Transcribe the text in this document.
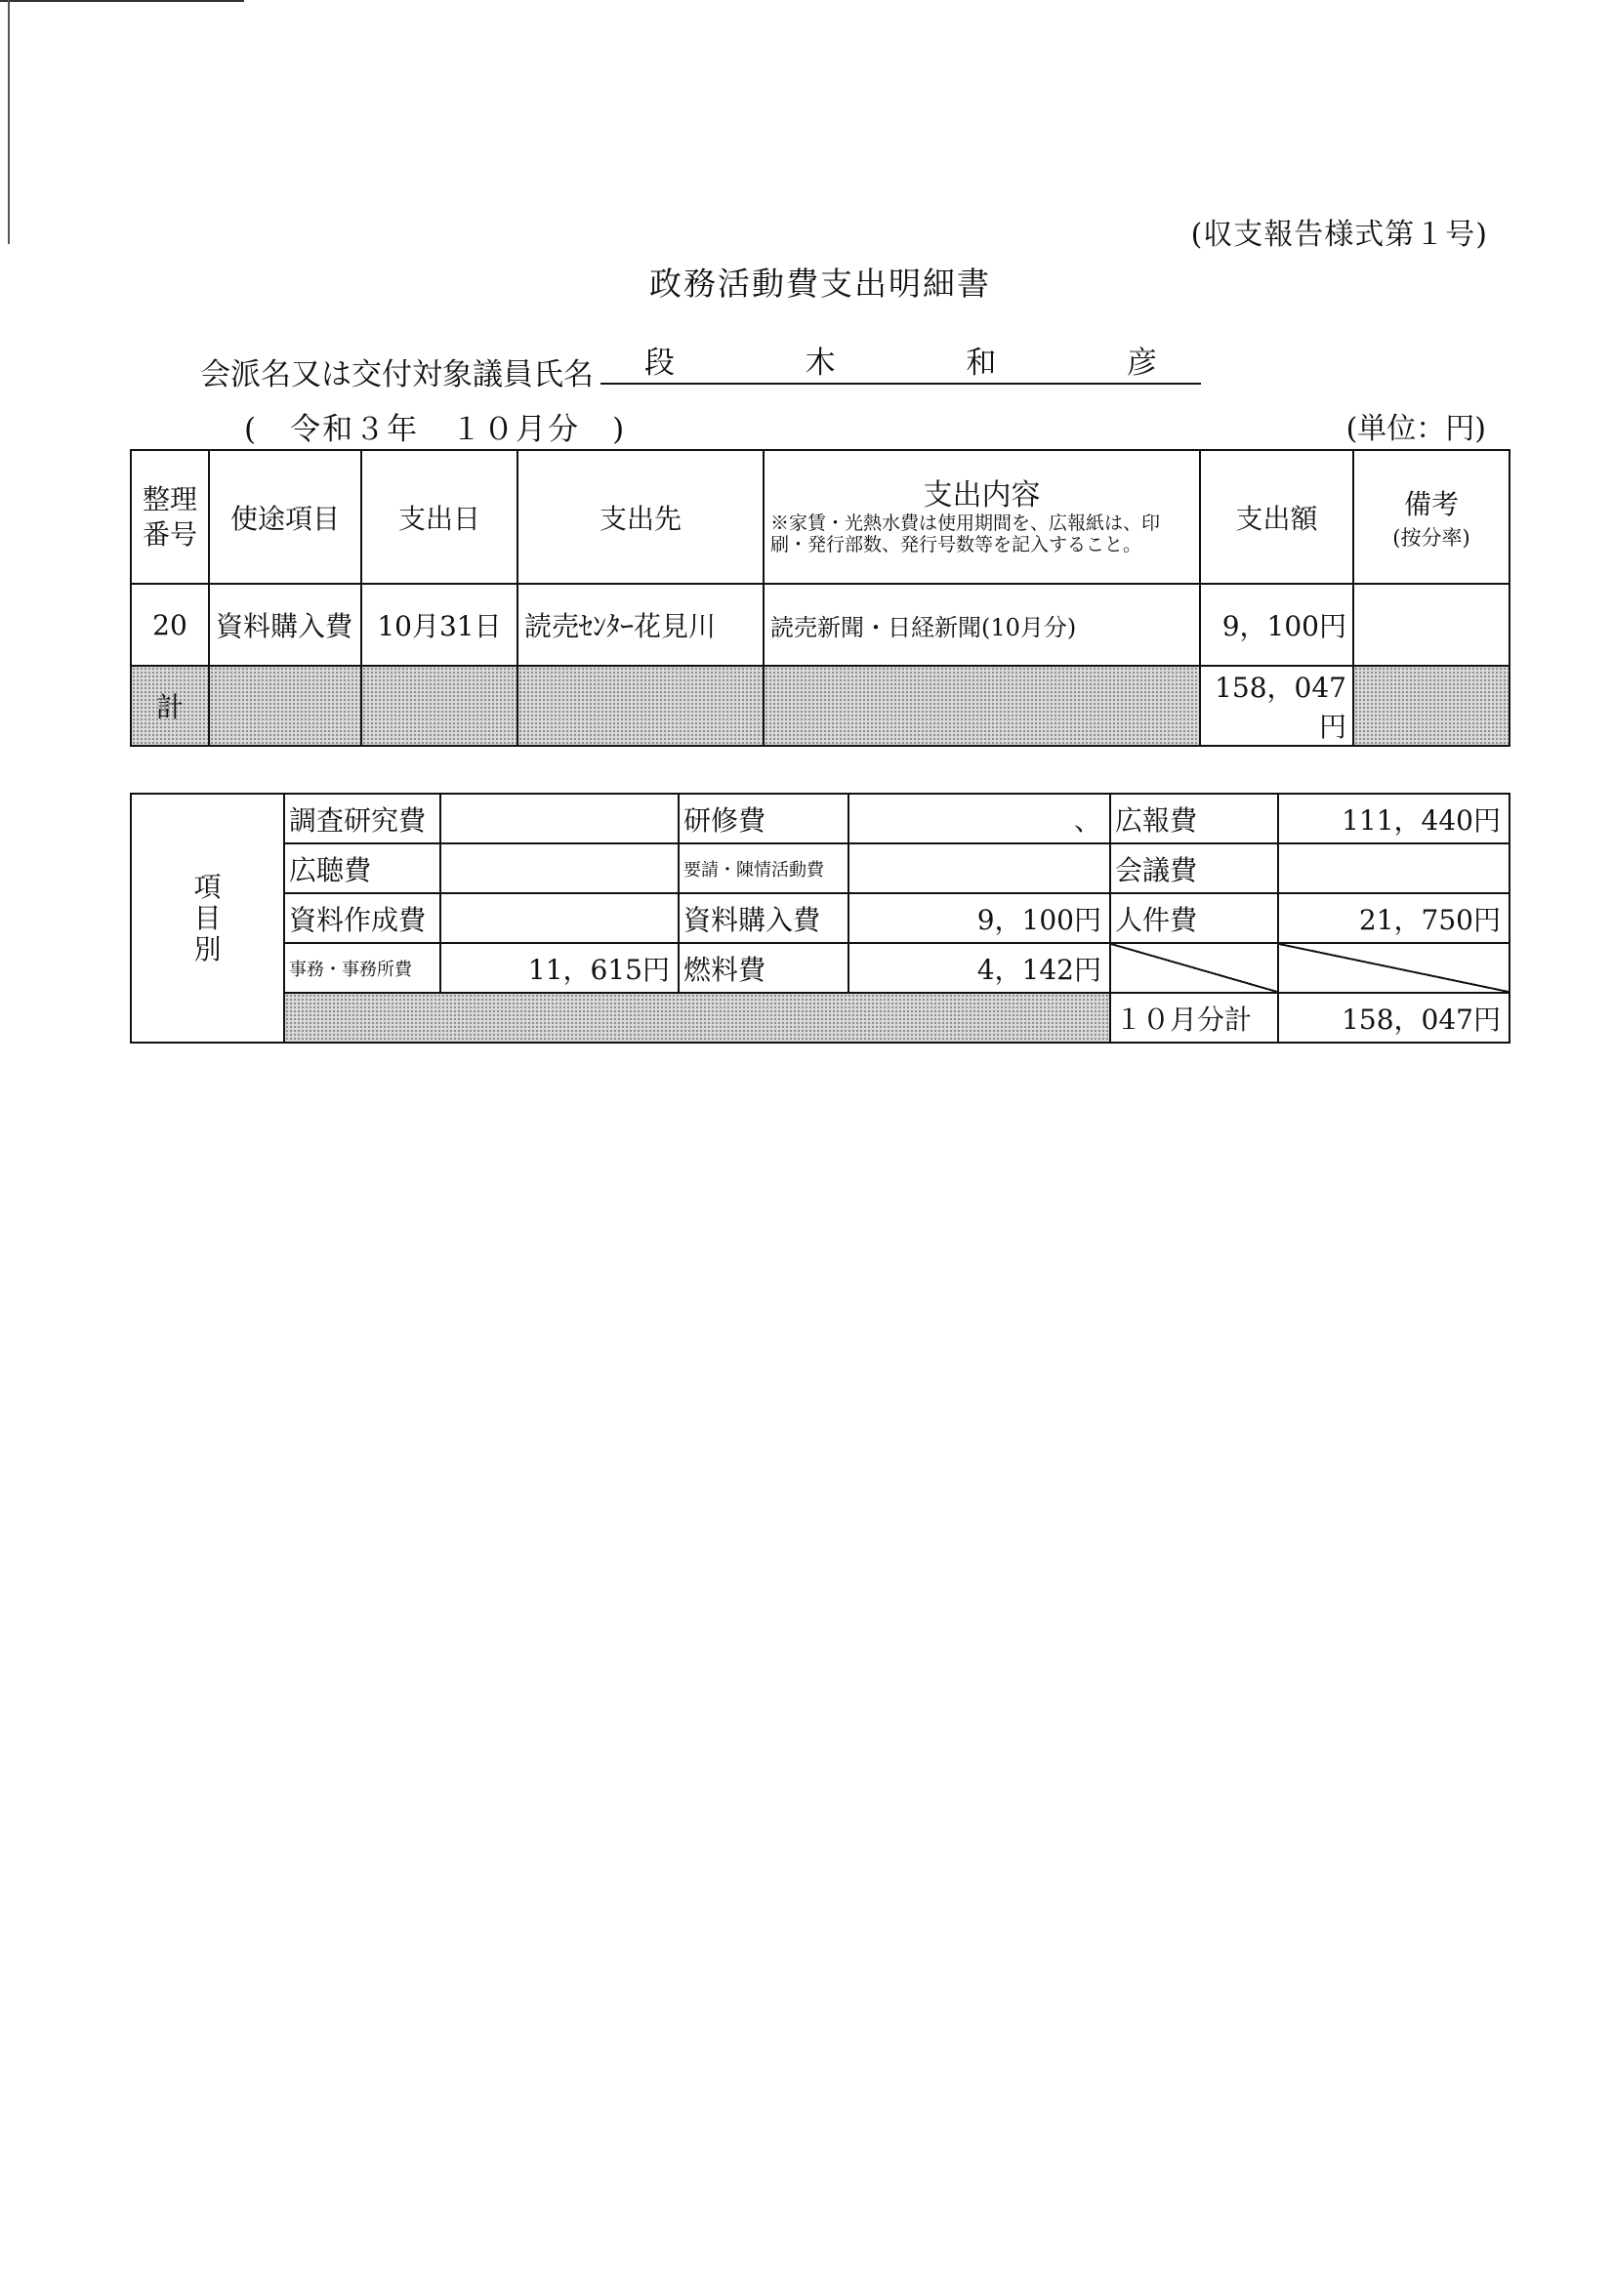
(収支報告様式第１号)
政務活動費支出明細書
会派名又は交付対象議員氏名 段	木	和	彦
(　令和３年　１０月分　)	(単位：円)
整理番号	使途項目	支出日	支出先	支出内容
※家賃・光熱水費は使用期間を、広報紙は、印刷・発行部数、発行号数等を記入すること。	支出額	備考
(按分率)

20	資料購入費	10月31日	読売ｾﾝﾀｰ花見川	読売新聞・日経新聞(10月分)	9，100円	
計					158，047円	
項目別	調査研究費		研修費	、	広報費	111，440円
	広聴費		要請・陳情活動費		会議費	
	資料作成費		資料購入費	9，100円	人件費	21，750円
	事務・事務所費	11，615円	燃料費	4，142円		
					１０月分計	158，047円
